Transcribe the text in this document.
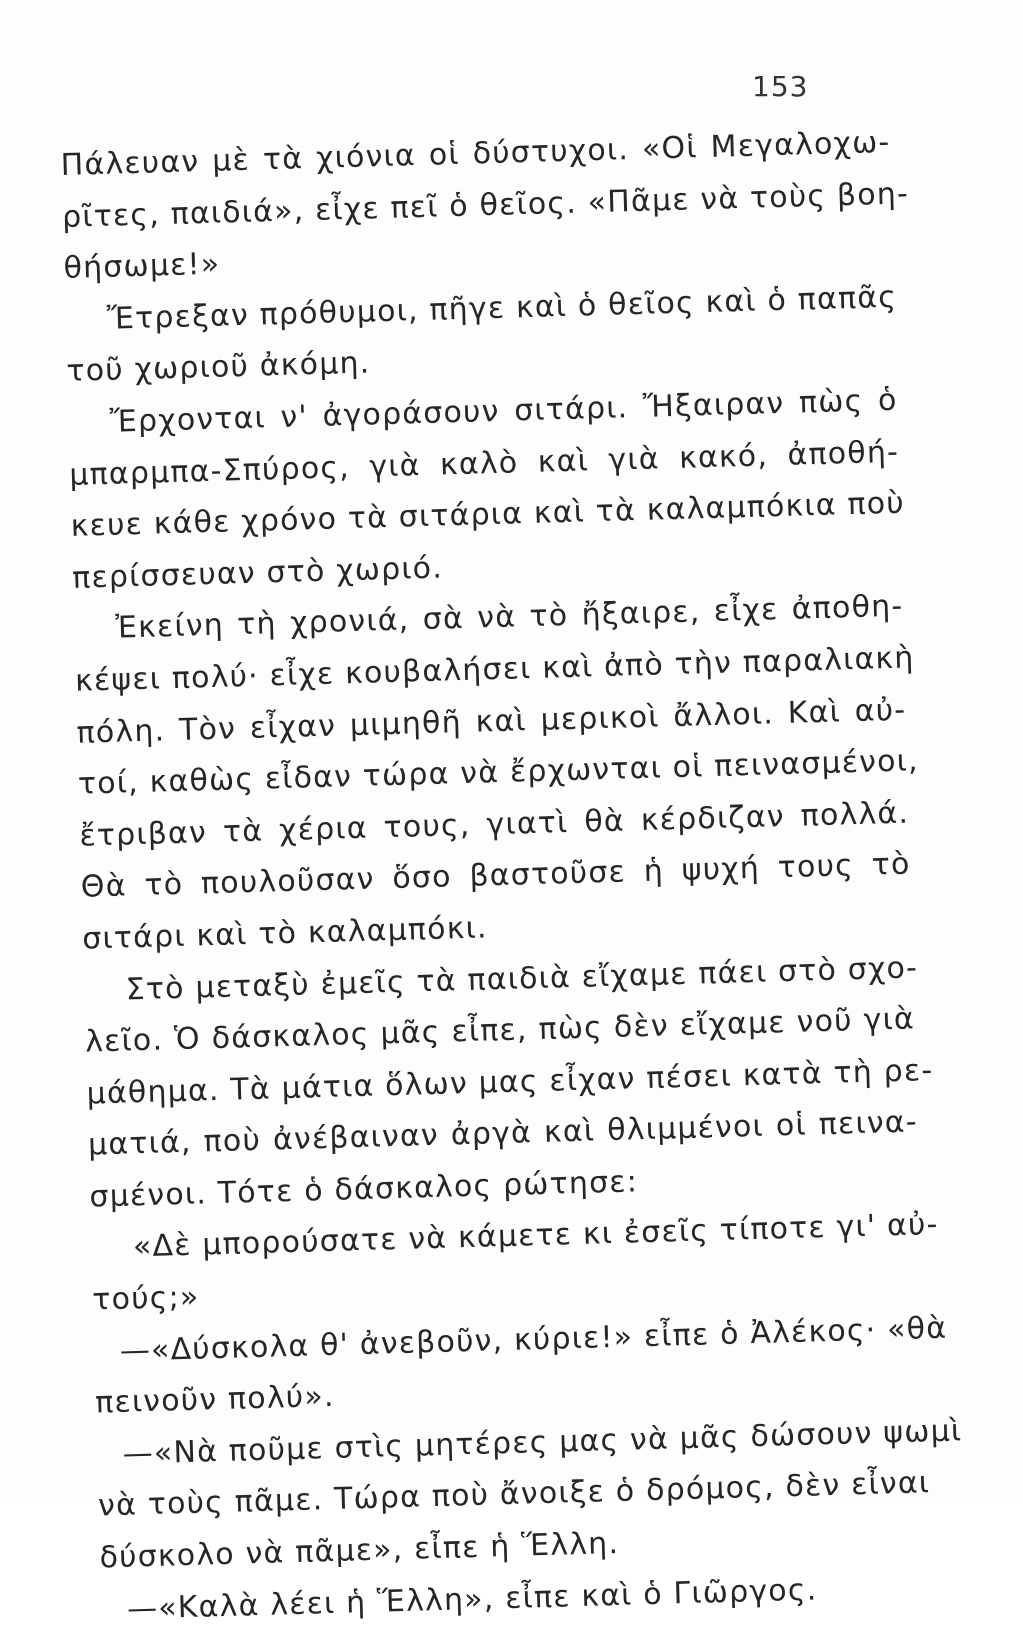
153
Πάλευαν μὲ τὰ χιόνια οἱ δύστυχοι. «Οἱ Μεγαλοχω-
ρῖτες, παιδιά», εἶχε πεῖ ὁ θεῖος. «Πᾶμε νὰ τοὺς βοη-
θήσωμε!»
Ἔτρεξαν πρόθυμοι, πῆγε καὶ ὁ θεῖος καὶ ὁ παπᾶς
τοῦ χωριοῦ ἀκόμη.
Ἔρχονται ν' ἀγοράσουν σιτάρι. Ἤξαιραν πὼς ὁ
μπαρμπα-Σπύρος, γιὰ καλὸ καὶ γιὰ κακό, ἀποθή-
κευε κάθε χρόνο τὰ σιτάρια καὶ τὰ καλαμπόκια ποὺ
περίσσευαν στὸ χωριό.
Ἐκείνη τὴ χρονιά, σὰ νὰ τὸ ἤξαιρε, εἶχε ἀποθη-
κέψει πολύ· εἶχε κουβαλήσει καὶ ἀπὸ τὴν παραλιακὴ
πόλη. Τὸν εἶχαν μιμηθῆ καὶ μερικοὶ ἄλλοι. Καὶ αὐ-
τοί, καθὼς εἶδαν τώρα νὰ ἔρχωνται οἱ πεινασμένοι,
ἔτριβαν τὰ χέρια τους, γιατὶ θὰ κέρδιζαν πολλά.
Θὰ τὸ πουλοῦσαν ὅσο βαστοῦσε ἡ ψυχή τους τὸ
σιτάρι καὶ τὸ καλαμπόκι.
Στὸ μεταξὺ ἐμεῖς τὰ παιδιὰ εἴχαμε πάει στὸ σχο-
λεῖο. Ὁ δάσκαλος μᾶς εἶπε, πὼς δὲν εἴχαμε νοῦ γιὰ
μάθημα. Τὰ μάτια ὅλων μας εἶχαν πέσει κατὰ τὴ ρε-
ματιά, ποὺ ἀνέβαιναν ἀργὰ καὶ θλιμμένοι οἱ πεινα-
σμένοι. Τότε ὁ δάσκαλος ρώτησε:
«Δὲ μπορούσατε νὰ κάμετε κι ἐσεῖς τίποτε γι' αὐ-
τούς;»
—«Δύσκολα θ' ἀνεβοῦν, κύριε!» εἶπε ὁ Ἀλέκος· «θὰ
πεινοῦν πολύ».
—«Νὰ ποῦμε στὶς μητέρες μας νὰ μᾶς δώσουν ψωμὶ
νὰ τοὺς πᾶμε. Τώρα ποὺ ἄνοιξε ὁ δρόμος, δὲν εἶναι
δύσκολο νὰ πᾶμε», εἶπε ἡ Ἕλλη.
—«Καλὰ λέει ἡ Ἕλλη», εἶπε καὶ ὁ Γιῶργος.
